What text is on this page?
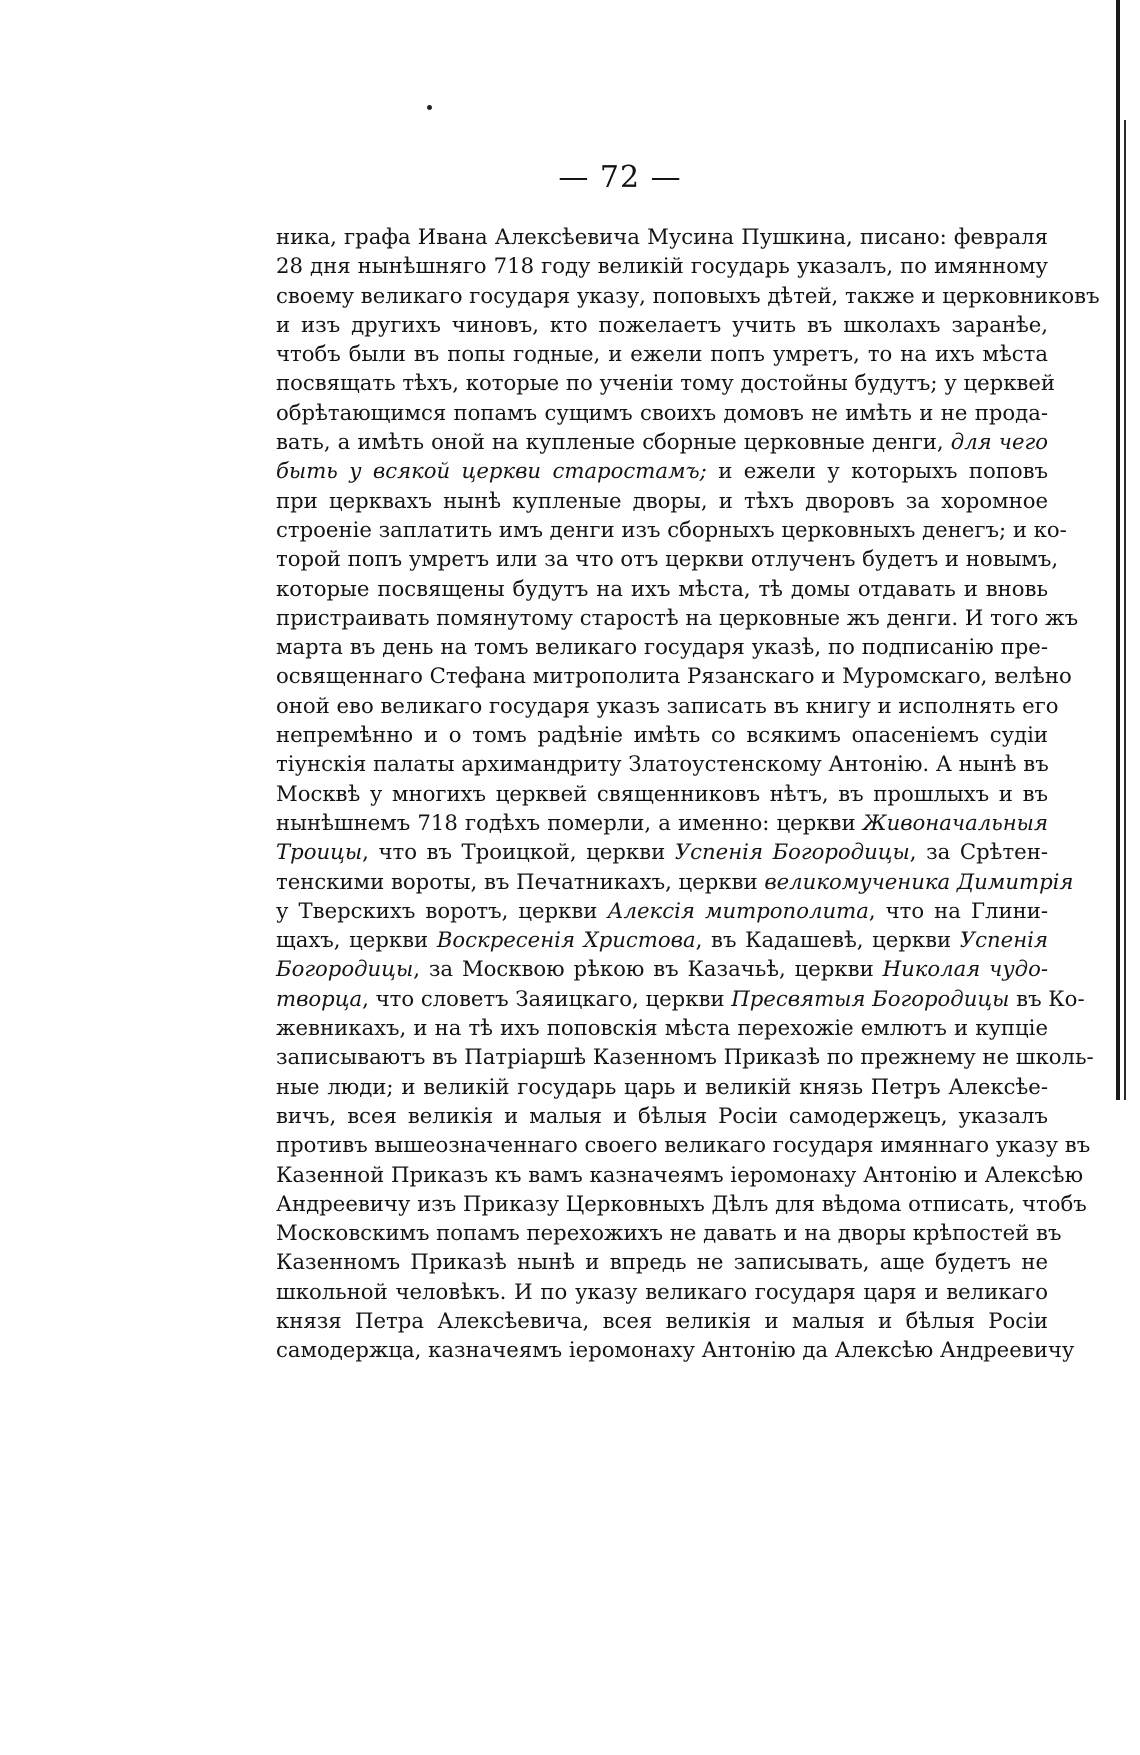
— 72 —
ника, графа Ивана Алексѣевича Мусина Пушкина, писано: февраля
28 дня нынѣшняго 718 году великій государь указалъ, по имянному
своему великаго государя указу, поповыхъ дѣтей, также и церковниковъ
и изъ другихъ чиновъ, кто пожелаетъ учить въ школахъ заранѣе,
чтобъ были въ попы годные, и ежели попъ умретъ, то на ихъ мѣста
посвящать тѣхъ, которые по ученіи тому достойны будутъ; у церквей
обрѣтающимся попамъ сущимъ своихъ домовъ не имѣть и не прода-
вать, а имѣть оной на купленые сборные церковные денги, для чего
быть у всякой церкви старостамъ; и ежели у которыхъ поповъ
при церквахъ нынѣ купленые дворы, и тѣхъ дворовъ за хоромное
строеніе заплатить имъ денги изъ сборныхъ церковныхъ денегъ; и ко-
торой попъ умретъ или за что отъ церкви отлученъ будетъ и новымъ,
которые посвящены будутъ на ихъ мѣста, тѣ домы отдавать и вновь
пристраивать помянутому старостѣ на церковные жъ денги. И того жъ
марта въ день на томъ великаго государя указѣ, по подписанію пре-
освященнаго Стефана митрополита Рязанскаго и Муромскаго, велѣно
оной ево великаго государя указъ записать въ книгу и исполнять его
непремѣнно и о томъ радѣніе имѣть со всякимъ опасеніемъ судіи
тіунскія палаты архимандриту Златоустенскому Антонію. А нынѣ въ
Москвѣ у многихъ церквей священниковъ нѣтъ, въ прошлыхъ и въ
нынѣшнемъ 718 годѣхъ померли, а именно: церкви Живоначальныя
Троицы, что въ Троицкой, церкви Успенія Богородицы, за Срѣтен-
тенскими вороты, въ Печатникахъ, церкви великомученика Димитрія
у Тверскихъ воротъ, церкви Алексія митрополита, что на Глини-
щахъ, церкви Воскресенія Христова, въ Кадашевѣ, церкви Успенія
Богородицы, за Москвою рѣкою въ Казачьѣ, церкви Николая чудо-
творца, что словетъ Заяицкаго, церкви Пресвятыя Богородицы въ Ко-
жевникахъ, и на тѣ ихъ поповскія мѣста перехожіе емлютъ и купціе
записываютъ въ Патріаршѣ Казенномъ Приказѣ по прежнему не школь-
ные люди; и великій государь царь и великій князь Петръ Алексѣе-
вичъ, всея великія и малыя и бѣлыя Росіи самодержецъ, указалъ
противъ вышеозначеннаго своего великаго государя имяннаго указу въ
Казенной Приказъ къ вамъ казначеямъ іеромонаху Антонію и Алексѣю
Андреевичу изъ Приказу Церковныхъ Дѣлъ для вѣдома отписать, чтобъ
Московскимъ попамъ перехожихъ не давать и на дворы крѣпостей въ
Казенномъ Приказѣ нынѣ и впредь не записывать, аще будетъ не
школьной человѣкъ. И по указу великаго государя царя и великаго
князя Петра Алексѣевича, всея великія и малыя и бѣлыя Росіи
самодержца, казначеямъ іеромонаху Антонію да Алексѣю Андреевичу
